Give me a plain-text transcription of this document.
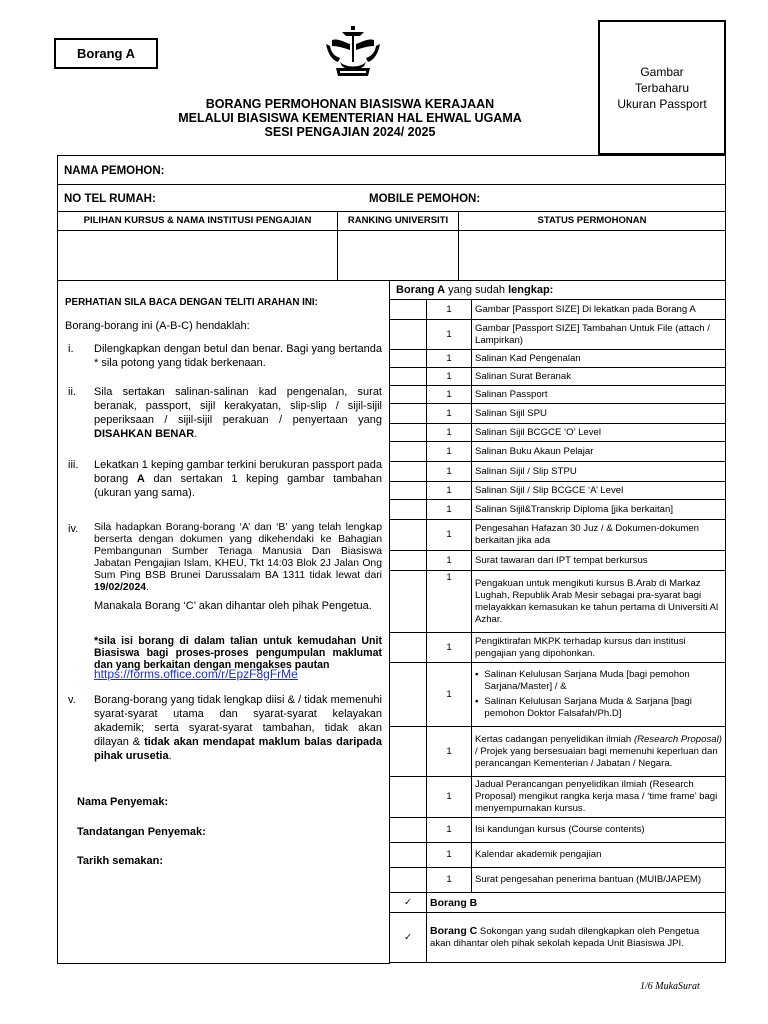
Borang A
Gambar
Terbaharu
Ukuran Passport
BORANG PERMOHONAN BIASISWA KERAJAAN
MELALUI BIASISWA KEMENTERIAN HAL EHWAL UGAMA
SESI PENGAJIAN 2024/ 2025
NAMA PEMOHON:
NO TEL RUMAH:	MOBILE PEMOHON:
PILIHAN KURSUS & NAMA INSTITUSI PENGAJIAN	RANKING UNIVERSITI	STATUS PERMOHONAN
PERHATIAN SILA BACA DENGAN TELITI ARAHAN INI:
Borang-borang ini (A-B-C) hendaklah:
i. Dilengkapkan dengan betul dan benar. Bagi yang bertanda * sila potong yang tidak berkenaan.
ii. Sila sertakan salinan-salinan kad pengenalan, surat beranak, passport, sijil kerakyatan, slip-slip / sijil-sijil peperiksaan / sijil-sijil perakuan / penyertaan yang DISAHKAN BENAR.
iii. Lekatkan 1 keping gambar terkini berukuran passport pada borang A dan sertakan 1 keping gambar tambahan (ukuran yang sama).
iv. Sila hadapkan Borang-borang ‘A’ dan ‘B’ yang telah lengkap berserta dengan dokumen yang dikehendaki ke Bahagian Pembangunan Sumber Tenaga Manusia Dan Biasiswa Jabatan Pengajian Islam, KHEU, Tkt 14:03 Blok 2J Jalan Ong Sum Ping BSB Brunei Darussalam BA 1311 tidak lewat dari 19/02/2024.
Manakala Borang ‘C’ akan dihantar oleh pihak Pengetua.
*sila isi borang di dalam talian untuk kemudahan Unit Biasiswa bagi proses-proses pengumpulan maklumat dan yang berkaitan dengan mengakses pautan
https://forms.office.com/r/EpzF8gFrMe
v. Borang-borang yang tidak lengkap diisi & / tidak memenuhi syarat-syarat utama dan syarat-syarat kelayakan akademik; serta syarat-syarat tambahan, tidak akan dilayan & tidak akan mendapat maklum balas daripada pihak urusetia.
Nama Penyemak:
Tandatangan Penyemak:
Tarikh semakan:
Borang A yang sudah lengkap:
	1	Gambar [Passport SIZE] Di lekatkan pada Borang A
	1	Gambar [Passport SIZE] Tambahan Untuk File (attach / Lampirkan)
	1	Salinan Kad Pengenalan
	1	Salinan Surat Beranak
	1	Salinan Passport
	1	Salinan Sijil SPU
	1	Salinan Sijil BCGCE ‘O’ Level
	1	Salinan Buku Akaun Pelajar
	1	Salinan Sijil / Slip STPU
	1	Salinan Sijil / Slip BCGCE ‘A’ Level
	1	Salinan Sijil&Transkrip Diploma [jika berkaitan]
	1	Pengesahan Hafazan 30 Juz / & Dokumen-dokumen berkaitan jika ada
	1	Surat tawaran dari IPT tempat berkursus
	1	Pengakuan untuk mengikuti kursus B.Arab di Markaz Lughah, Republik Arab Mesir sebagai pra-syarat bagi melayakkan kemasukan ke tahun pertama di Universiti Al Azhar.
	1	Pengiktirafan MKPK terhadap kursus dan institusi pengajian yang dipohonkan.
	1	▪ Salinan Kelulusan Sarjana Muda [bagi pemohon Sarjana/Master] / &
▪ Salinan Kelulusan Sarjana Muda & Sarjana [bagi pemohon Doktor Falsafah/Ph.D]

	1	Kertas cadangan penyelidikan ilmiah (Research Proposal) / Projek yang bersesuaian bagi memenuhi keperluan dan perancangan Kementerian / Jabatan / Negara.
	1	Jadual Perancangan penyelidikan ilmiah (Research Proposal) mengikut rangka kerja masa / ‘time frame’ bagi menyempurnakan kursus.
	1	Isi kandungan kursus (Course contents)
	1	Kalendar akademik pengajian
	1	Surat pengesahan penerima bantuan (MUIB/JAPEM)
✓	Borang B	
✓	Borang C Sokongan yang sudah dilengkapkan oleh Pengetua akan dihantar oleh pihak sekolah kepada Unit Biasiswa JPI.	
1/6 MukaSurat
